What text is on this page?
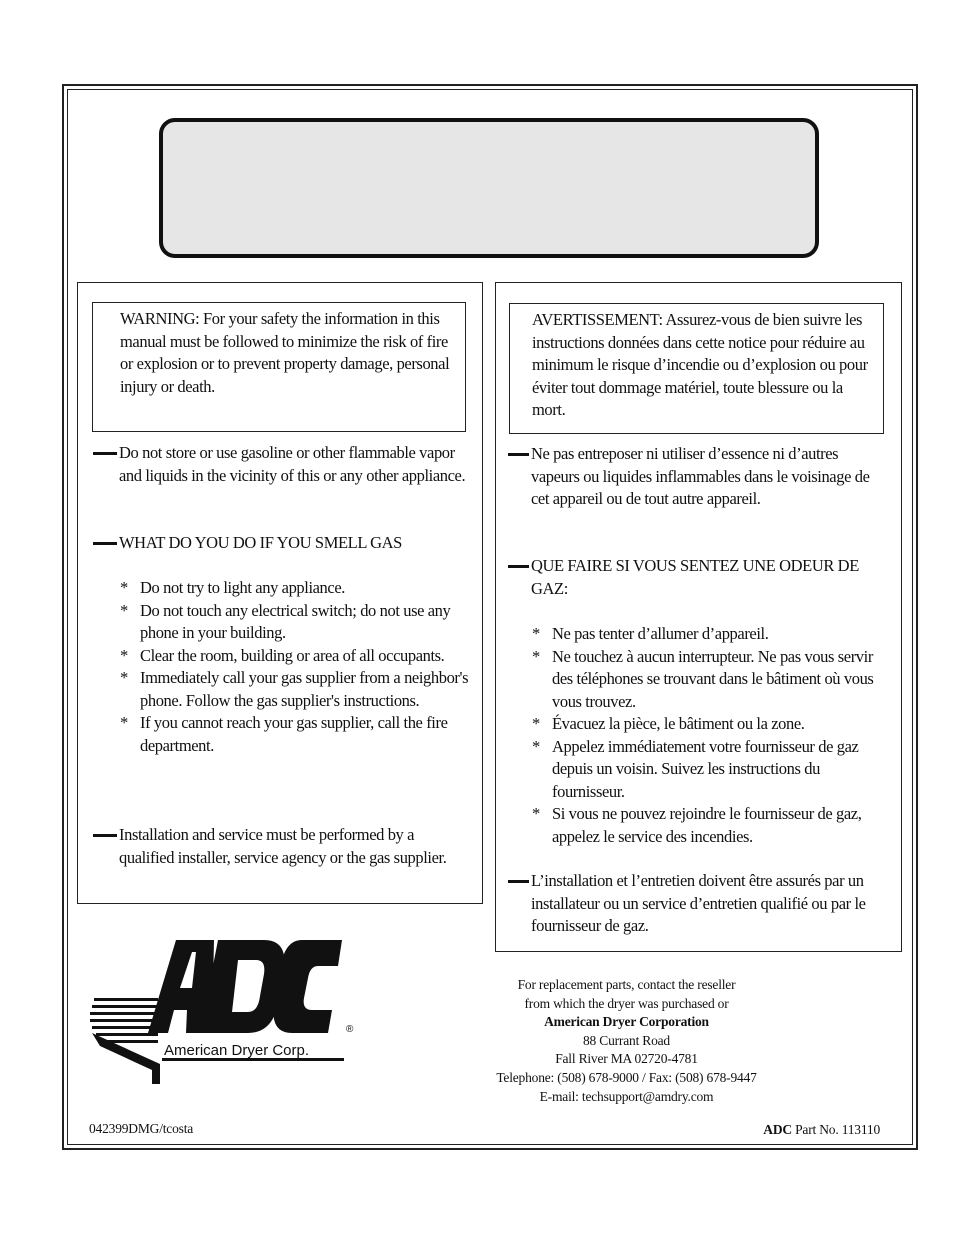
WARNING: For your safety the information in this manual must be followed to minimize the risk of fire or explosion or to prevent property damage, personal injury or death.
Do not store or use gasoline or other flammable vapor and liquids in the vicinity of this or any other appliance.
WHAT DO YOU DO IF YOU SMELL GAS
* Do not try to light any appliance.
* Do not touch any electrical switch; do not use any phone in your building.
* Clear the room, building or area of all occupants.
* Immediately call your gas supplier from a neighbor's phone. Follow the gas supplier's instructions.
* If you cannot reach your gas supplier, call the fire department.
Installation and service must be performed by a qualified installer, service agency or the gas supplier.
AVERTISSEMENT: Assurez-vous de bien suivre les instructions données dans cette notice pour réduire au minimum le risque d’incendie ou d’explosion ou pour éviter tout dommage matériel, toute blessure ou la mort.
Ne pas entreposer ni utiliser d’essence ni d’autres vapeurs ou liquides inflammables dans le voisinage de cet appareil ou de tout autre appareil.
QUE FAIRE SI VOUS SENTEZ UNE ODEUR DE GAZ:
* Ne pas tenter d’allumer d’appareil.
* Ne touchez à aucun interrupteur. Ne pas vous servir des téléphones se trouvant dans le bâtiment où vous vous trouvez.
* Évacuez la pièce, le bâtiment ou la zone.
* Appelez immédiatement votre fournisseur de gaz depuis un voisin. Suivez les instructions du fournisseur.
* Si vous ne pouvez rejoindre le fournisseur de gaz, appelez le service des incendies.
L’installation et l’entretien doivent être assurés par un installateur ou un service d’entretien qualifié ou par le fournisseur de gaz.
American Dryer Corp.
®
For replacement parts, contact the reseller
from which the dryer was purchased or
American Dryer Corporation
88 Currant Road
Fall River MA 02720-4781
Telephone: (508) 678-9000 / Fax: (508) 678-9447
E-mail: techsupport@amdry.com
042399DMG/tcosta	ADC Part No. 113110
